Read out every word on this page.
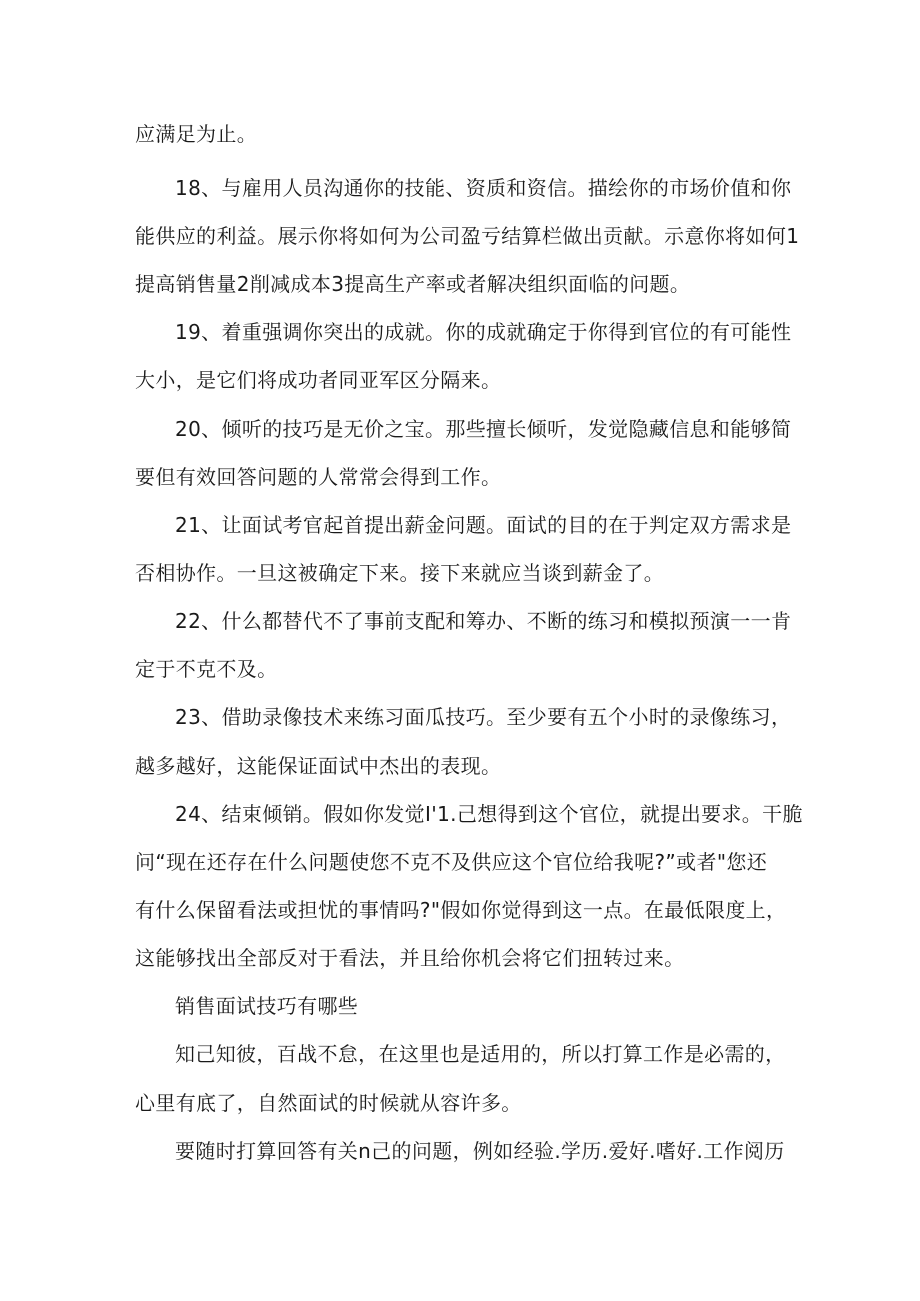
应满足为止。
18、与雇用人员沟通你的技能、资质和资信。描绘你的市场价值和你
能供应的利益。展示你将如何为公司盈亏结算栏做出贡献。示意你将如何1
提高销售量2削减成本3提高生产率或者解决组织面临的问题。
19、着重强调你突出的成就。你的成就确定于你得到官位的有可能性
大小，是它们将成功者同亚军区分隔来。
20、倾听的技巧是无价之宝。那些擅长倾听，发觉隐藏信息和能够简
要但有效回答问题的人常常会得到工作。
21、让面试考官起首提出薪金问题。面试的目的在于判定双方需求是
否相协作。一旦这被确定下来。接下来就应当谈到薪金了。
22、什么都替代不了事前支配和筹办、不断的练习和模拟预演一一肯
定于不克不及。
23、借助录像技术来练习面瓜技巧。至少要有五个小时的录像练习，
越多越好，这能保证面试中杰出的表现。
24、结束倾销。假如你发觉I'1.己想得到这个官位，就提出要求。干脆
问“现在还存在什么问题使您不克不及供应这个官位给我呢?”或者"您还
有什么保留看法或担忧的事情吗?"假如你觉得到这一点。在最低限度上，
这能够找出全部反对于看法，并且给你机会将它们扭转过来。
销售面试技巧有哪些
知己知彼，百战不怠，在这里也是适用的，所以打算工作是必需的，
心里有底了，自然面试的时候就从容许多。
要随时打算回答有关n己的问题，例如经验.学历.爱好.嗜好.工作阅历
